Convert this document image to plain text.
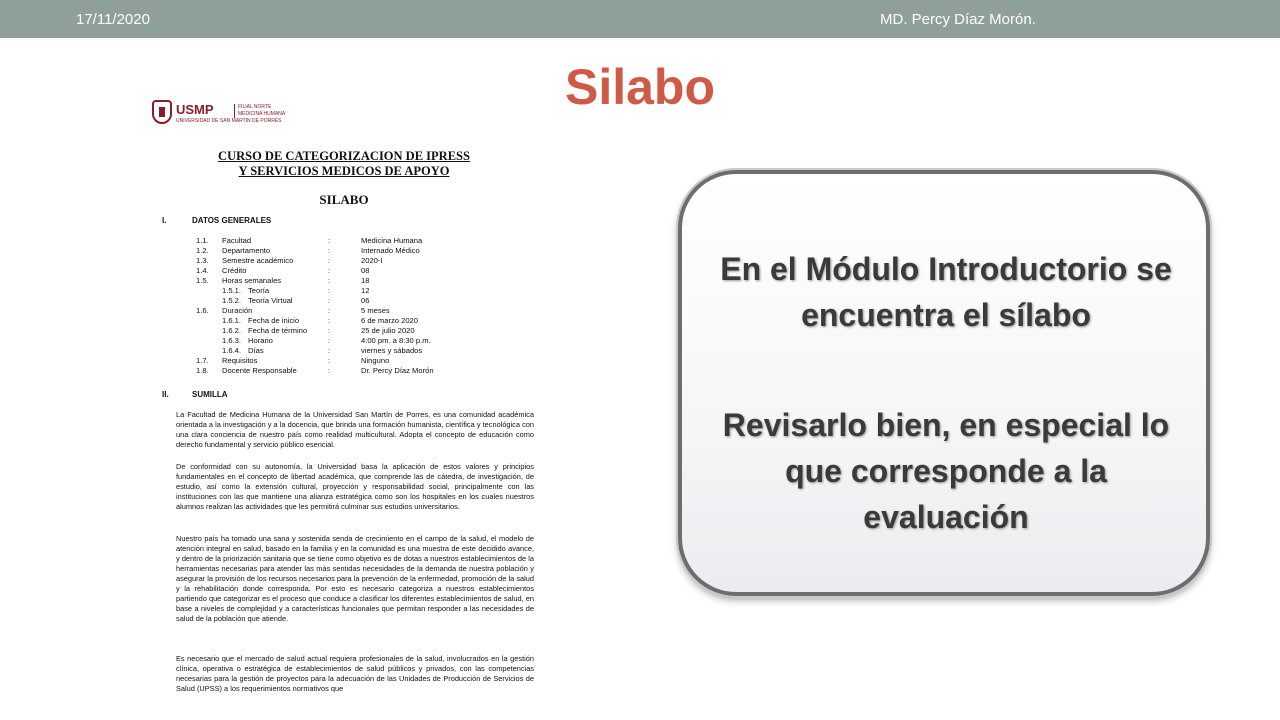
17/11/2020	MD. Percy Díaz Morón.
Silabo
USMP
UNIVERSIDAD DE SAN MARTIN DE PORRES
FILIAL NORTE
MEDICINA HUMANA
CURSO DE CATEGORIZACION DE IPRESS
Y SERVICIOS MEDICOS DE APOYO
SILABO
I.	DATOS GENERALES
1.1. Facultad	:	Medicina Humana
1.2. Departamento	:	Internado Médico
1.3. Semestre académico	:	2020-I
1.4. Crédito	:	08
1.5. Horas semanales	:	18
1.5.1. Teoría	:	12
1.5.2. Teoría Virtual	:	06
1.6. Duración	:	5 meses
1.6.1. Fecha de inicio	:	6 de marzo 2020
1.6.2. Fecha de término	:	25 de julio 2020
1.6.3. Horario	:	4:00 pm. a 8:30 p.m.
1.6.4. Días	:	viernes y sábados
1.7. Requisitos	:	Ninguno
1.8. Docente Responsable	:	Dr. Percy Díaz Morón
II.	SUMILLA
La Facultad de Medicina Humana de la Universidad San Martín de Porres, es una comunidad académica orientada a la investigación y a la docencia, que brinda una formación humanista, científica y tecnológica con una clara conciencia de nuestro país como realidad multicultural. Adopta el concepto de educación como derecho fundamental y servicio público esencial.
De conformidad con su autonomía, la Universidad basa la aplicación de estos valores y principios fundamentales en el concepto de libertad académica, que comprende las de cátedra, de investigación, de estudio, así como la extensión cultural, proyección y responsabilidad social, principalmente con las instituciones con las que mantiene una alianza estratégica como son los hospitales en los cuales nuestros alumnos realizan las actividades que les permitirá culminar sus estudios universitarios.
Nuestro país ha tomado una sana y sostenida senda de crecimiento en el campo de la salud, el modelo de atención integral en salud, basado en la familia y en la comunidad es una muestra de este decidido avance, y dentro de la priorización sanitaria que se tiene como objetivo es de dotas a nuestros establecimientos de la herramientas necesarias para atender las más sentidas necesidades de la demanda de nuestra población y asegurar la provisión de los recursos necesarios para la prevención de la enfermedad, promoción de la salud y la rehabilitación donde corresponda. Por esto es necesario categoriza a nuestros establecimientos partiendo que categorizar es el proceso que conduce a clasificar los diferentes establecimientos de salud, en base a niveles de complejidad y a características funcionales que permitan responder a las necesidades de salud de la población que atiende.
Es necesario que el mercado de salud actual requiera profesionales de la salud, involucrados en la gestión clínica, operativa o estratégica de establecimientos de salud públicos y privados, con las competencias necesarias para la gestión de proyectos para la adecuación de las Unidades de Producción de Servicios de Salud (UPSS) a los requerimientos normativos que
En el Módulo Introductorio se encuentra el sílabo
Revisarlo bien, en especial lo que corresponde a la evaluación
